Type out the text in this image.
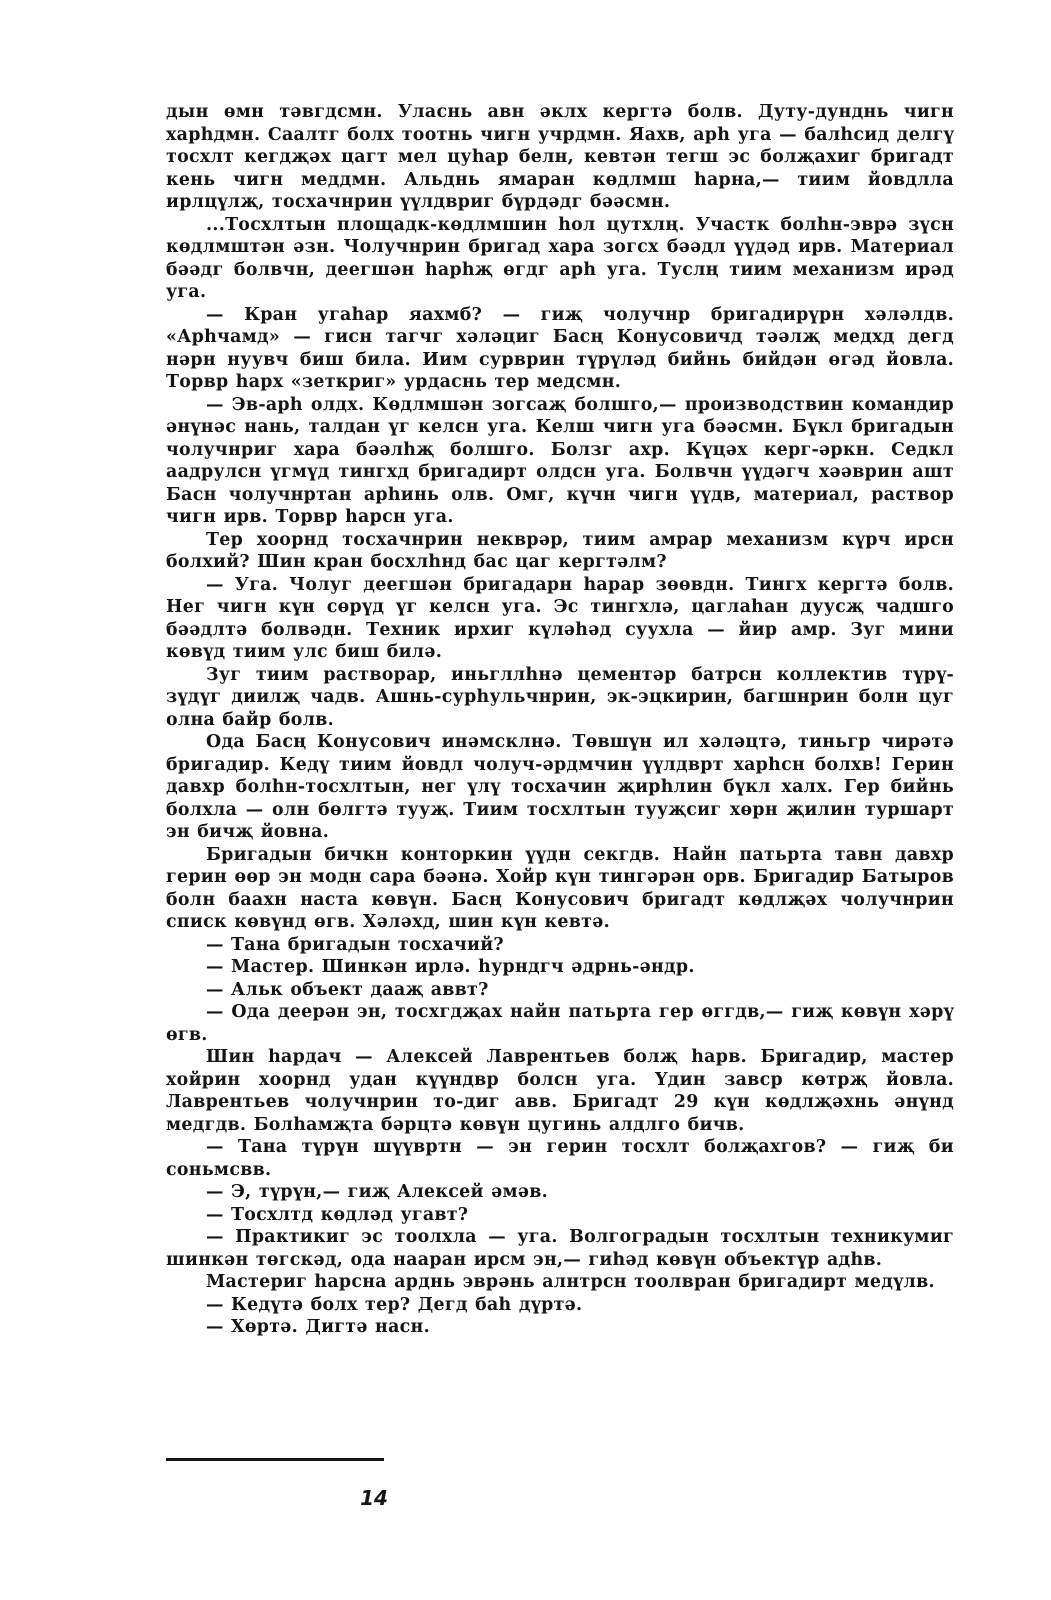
дын өмн тәвгдсмн. Уласнь авн әклх кергтә болв. Дуту-дунднь чигн харһдмн. Саалтг болх тоотнь чигн учрдмн. Яахв, арһ уга — балһсид делгү тосхлт кегдҗәх цагт мел цуһар белн, кевтән тегш эс болҗахиг бригадт кень чигн меддмн. Альднь ямаран көдлмш һарна,— тиим йовдлла ирлцүлҗ, тосхачнрин үүлдвриг бүрдәдг бәәсмн.

...Тосхлтын площадк-көдлмшин һол цутхлң. Участк болһн-эврә зүсн көдлмштән әзн. Чолучнрин бригад хара зогсх бәәдл үүдәд ирв. Материал бәәдг болвчн, деегшән һарһҗ өгдг арһ уга. Туслң тиим механизм ирәд уга.

— Кран угаһар яахмб? — гиҗ чолучнр бригадирүрн хәләлдв. «Арһчамд» — гисн тагчг хәләциг Басң Конусовичд тәәлҗ медхд дегд нәрн нуувч биш била. Иим сурврин түрүләд бийнь бийдән өгәд йовла. Торвр һарх «зеткриг» урдаснь тер медсмн.

— Эв-арһ олдх. Көдлмшән зогсаҗ болшго,— производствин командир әнүнәс нань, талдан үг келсн уга. Келш чигн уга бәәсмн. Бүкл бригадын чолучнриг хара бәәлһҗ болшго. Болзг ахр. Күцәх керг-әркн. Седкл аадрулсн үгмүд тингхд бригадирт олдсн уга. Болвчн үүдәгч хәәврин ашт Басн чолучнртан арһинь олв. Омг, күчн чигн үүдв, материал, раствор чигн ирв. Торвр һарсн уга.

Тер хоорнд тосхачнрин некврәр, тиим амрар механизм күрч ирсн болхий? Шин кран босхлһнд бас цаг кергтәлм?

— Уга. Чолуг деегшән бригадарн һарар зөөвдн. Тингх кергтә болв. Нег чигн күн сөрүд үг келсн уга. Эс тингхлә, цаглаһан дуусҗ чадшго бәәдлтә болвәдн. Техник ирхиг күләһәд суухла — йир амр. Зуг мини көвүд тиим улс биш билә.

Зуг тиим растворар, иньгллһнә цементәр батрсн коллектив түрү-зүдүг диилҗ чадв. Ашнь-сурһульчнрин, эк-эцкирин, багшнрин болн цуг олна байр болв.

Ода Басң Конусович инәмсклнә. Төвшүн ил хәләцтә, тиньгр чирәтә бригадир. Кедү тиим йовдл чолуч-әрдмчин үүлдврт харһсн болхв! Герин давхр болһн-тосхлтын, нег үлү тосхачин җирһлин бүкл халх. Гер бийнь болхла — олн бөлгтә тууҗ. Тиим тосхлтын тууҗсиг хөрн җилин туршарт эн бичҗ йовна.

Бригадын бичкн конторкин үүдн секгдв. Найн патьрта тавн давхр герин өөр эн модн сара бәәнә. Хойр күн тингәрән орв. Бригадир Батыров болн баахн наста көвүн. Басң Конусович бригадт көдлҗәх чолучнрин списк көвүнд өгв. Хәләхд, шин күн кевтә.

— Тана бригадын тосхачий?

— Мастер. Шинкән ирлә. һурндгч әдрнь-әндр.

— Альк объект дааҗ аввт?

— Ода деерән эн, тосхгдҗах найн патьрта гер өггдв,— гиҗ көвүн хәрү өгв.

Шин һардач — Алексей Лаврентьев болҗ һарв. Бригадир, мастер хойрин хоорнд удан күүндвр болсн уга. Үдин завср көтрҗ йовла. Лаврентьев чолучнрин то-диг авв. Бригадт 29 күн көдлҗәхнь әнүнд медгдв. Болһамҗта бәрцтә көвүн цугинь алдлго бичв.

— Тана түрүн шүүвртн — эн герин тосхлт болҗахгов? — гиҗ би соньмсвв.

— Э, түрүн,— гиҗ Алексей әмәв.

— Тосхлтд көдләд угавт?

— Практикиг эс тоолхла — уга. Волгоградын тосхлтын техникумиг шинкән төгскәд, ода нааран ирсм эн,— гиһәд көвүн объектүр адһв.

Мастериг һарсна арднь эврәнь алнтрсн тоолвран бригадирт медүлв.

— Кедүтә болх тер? Дегд баһ дүртә.

— Хөртә. Дигтә насн.

14
